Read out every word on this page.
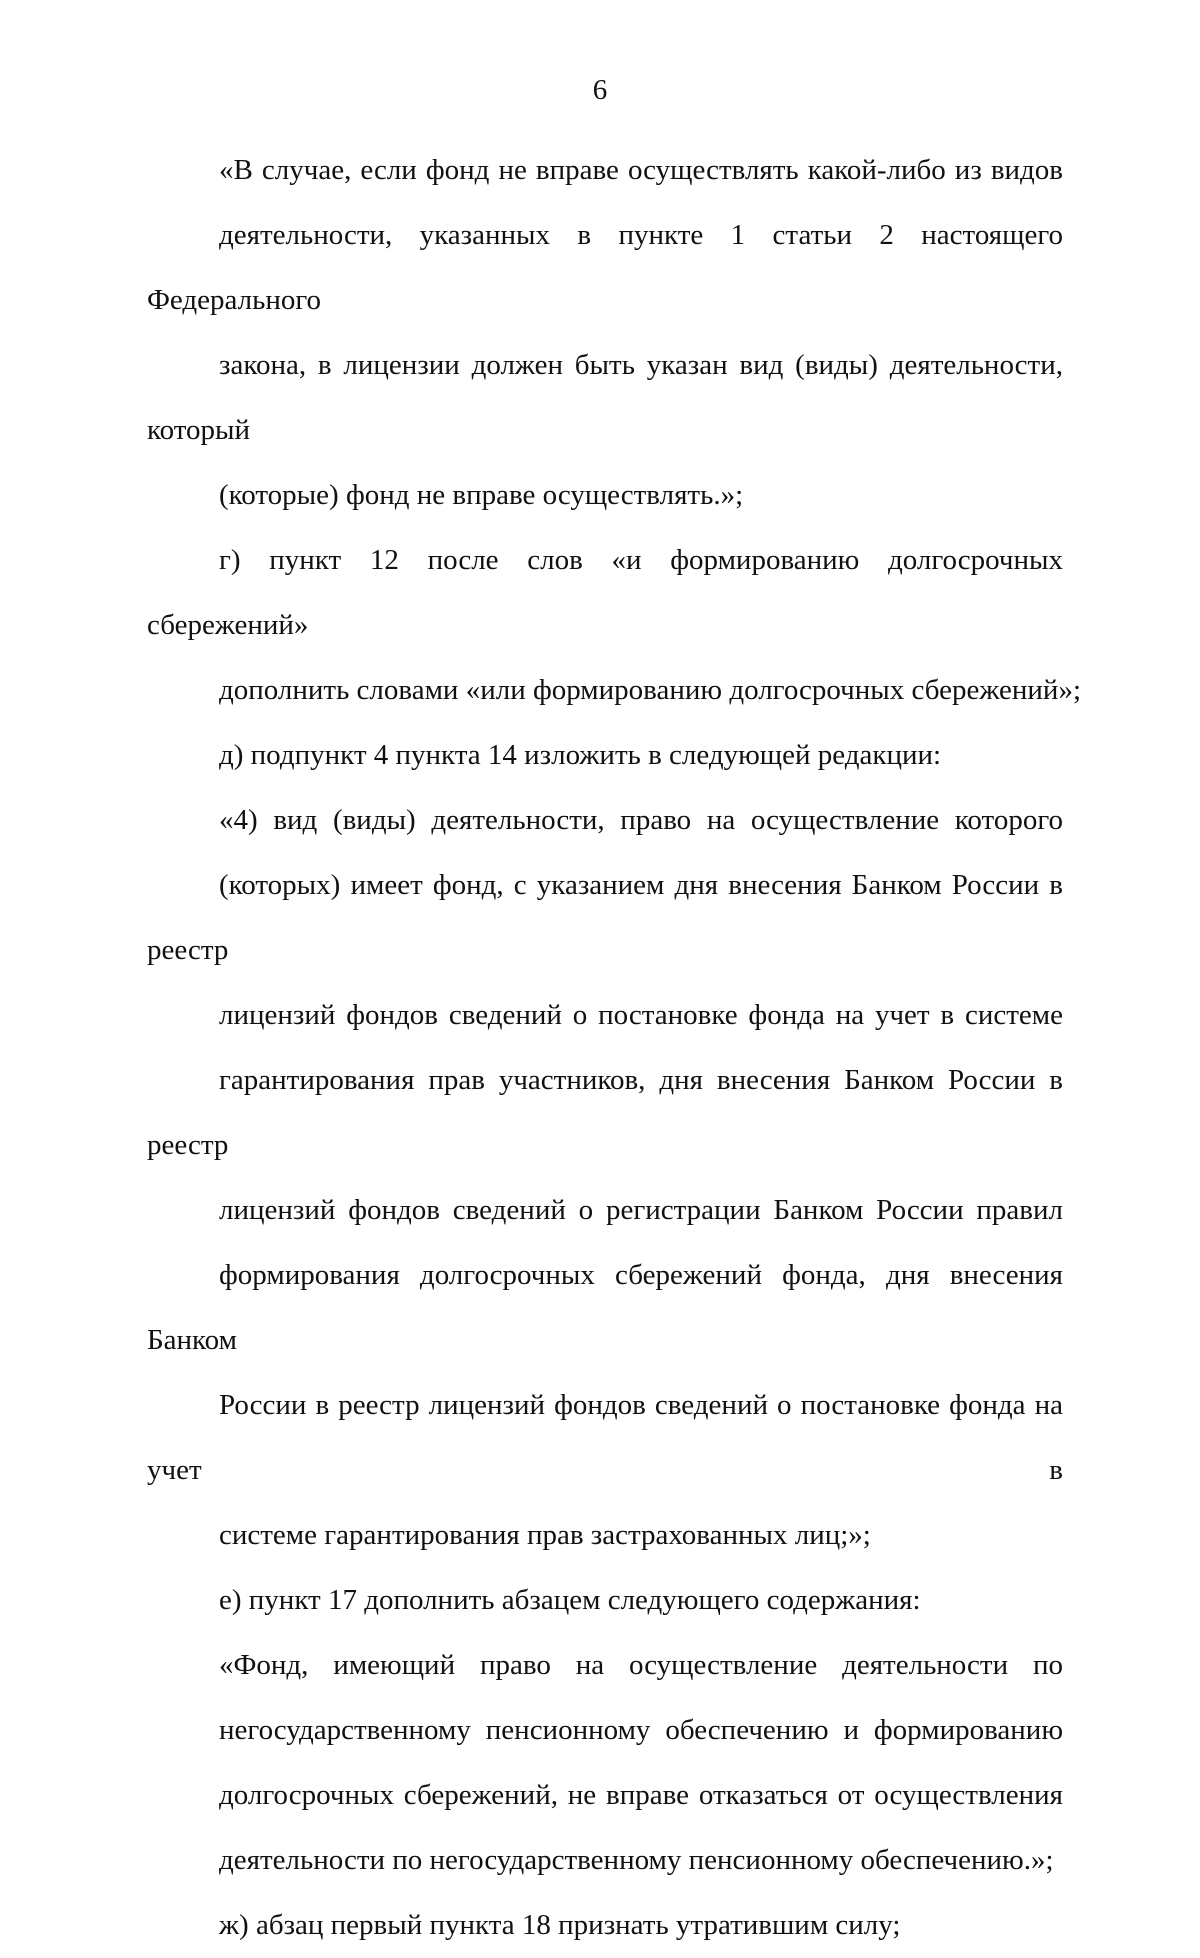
6
«В случае, если фонд не вправе осуществлять какой-либо из видов
деятельности, указанных в пункте 1 статьи 2 настоящего Федерального
закона, в лицензии должен быть указан вид (виды) деятельности, который
(которые) фонд не вправе осуществлять.»;
г) пункт 12 после слов «и формированию долгосрочных сбережений»
дополнить словами «или формированию долгосрочных сбережений»;
д) подпункт 4 пункта 14 изложить в следующей редакции:
«4) вид (виды) деятельности, право на осуществление которого
(которых) имеет фонд, с указанием дня внесения Банком России в реестр
лицензий фондов сведений о постановке фонда на учет в системе
гарантирования прав участников, дня внесения Банком России в реестр
лицензий фондов сведений о регистрации Банком России правил
формирования долгосрочных сбережений фонда, дня внесения Банком
России в реестр лицензий фондов сведений о постановке фонда на учет в
системе гарантирования прав застрахованных лиц;»;
е) пункт 17 дополнить абзацем следующего содержания:
«Фонд, имеющий право на осуществление деятельности по
негосударственному пенсионному обеспечению и формированию
долгосрочных сбережений, не вправе отказаться от осуществления
деятельности по негосударственному пенсионному обеспечению.»;
ж) абзац первый пункта 18 признать утратившим силу;
